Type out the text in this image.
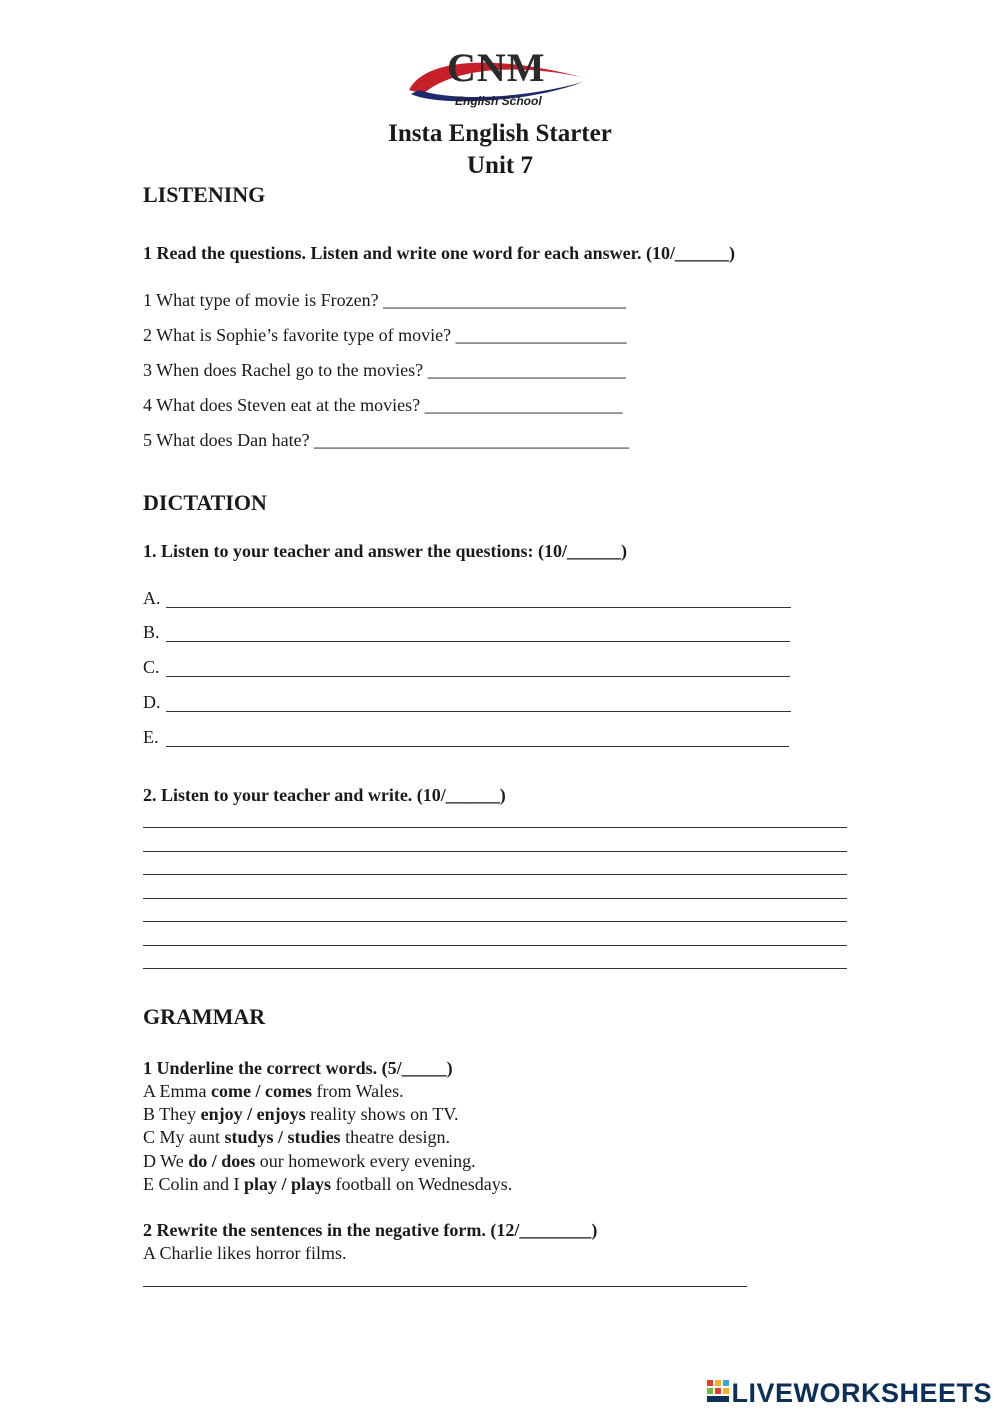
CNM
English School
Insta English Starter
Unit 7
LISTENING
1 Read the questions. Listen and write one word for each answer. (10/______)
1 What type of movie is Frozen? ___________________________
2 What is Sophie’s favorite type of movie? ___________________
3 When does Rachel go to the movies? ______________________
4 What does Steven eat at the movies? ______________________
5 What does Dan hate? ___________________________________
DICTATION
1. Listen to your teacher and answer the questions: (10/______)
A.
B.
C.
D.
E.
2. Listen to your teacher and write. (10/______)
GRAMMAR
1 Underline the correct words. (5/_____)
A Emma come / comes from Wales.
B They enjoy / enjoys reality shows on TV.
C My aunt studys / studies theatre design.
D We do / does our homework every evening.
E Colin and I play / plays football on Wednesdays.
2 Rewrite the sentences in the negative form. (12/________)
A Charlie likes horror films.
LIVEWORKSHEETS
